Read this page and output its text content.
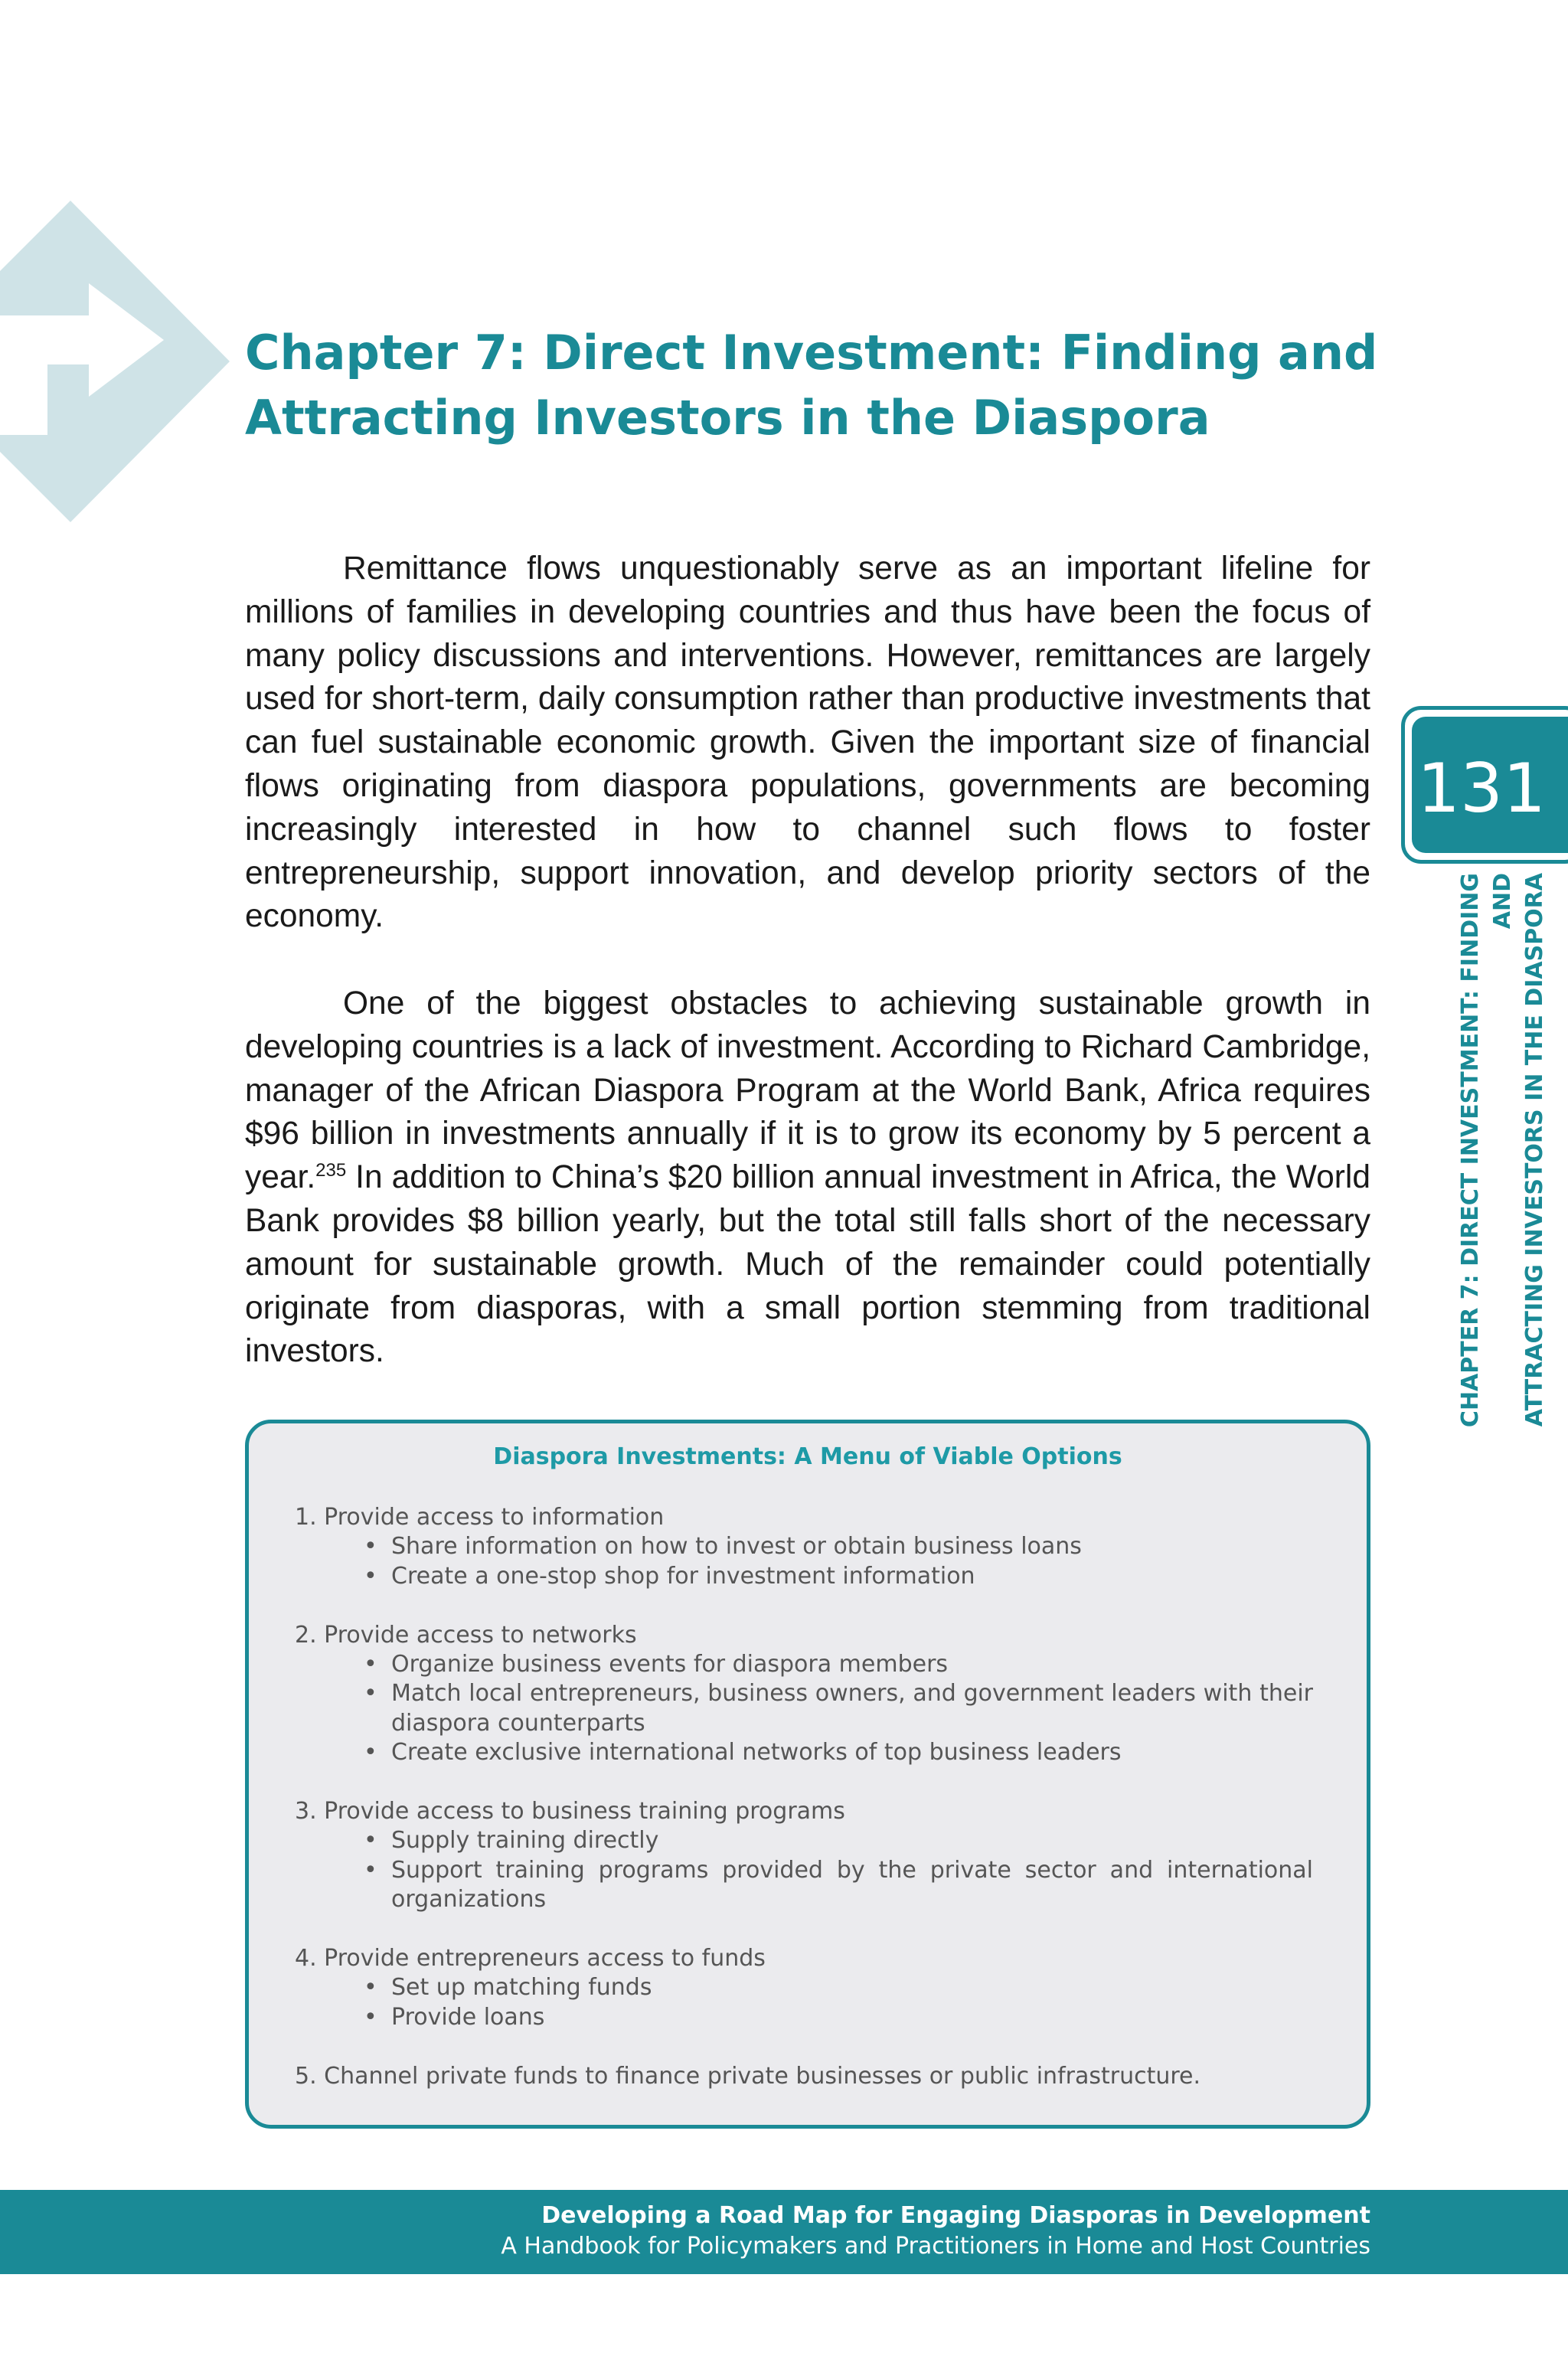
Chapter 7: Direct Investment: Finding and
Attracting Investors in the Diaspora

Remittance flows unquestionably serve as an important lifeline for millions of families in developing countries and thus have been the focus of many policy discussions and interventions. However, remittances are largely used for short-term, daily consumption rather than productive investments that can fuel sustainable economic growth. Given the important size of financial flows originating from diaspora populations, governments are becoming increasingly interested in how to channel such flows to foster entrepreneurship, support innovation, and develop priority sectors of the economy.

One of the biggest obstacles to achieving sustainable growth in developing countries is a lack of investment. According to Richard Cambridge, manager of the African Diaspora Program at the World Bank, Africa requires $96 billion in investments annually if it is to grow its economy by 5 percent a year.$^{235}$ In addition to China’s $20 billion annual investment in Africa, the World Bank provides $8 billion yearly, but the total still falls short of the necessary amount for sustainable growth. Much of the remainder could potentially originate from diasporas, with a small portion stemming from traditional investors.

131
CHAPTER 7: DIRECT INVESTMENT: FINDING AND ATTRACTING INVESTORS IN THE DIASPORA
Diaspora Investments: A Menu of Viable Options
1. Provide access to information
• Share information on how to invest or obtain business loans
• Create a one-stop shop for investment information
2. Provide access to networks
• Organize business events for diaspora members
• Match local entrepreneurs, business owners, and government leaders with their diaspora counterparts
• Create exclusive international networks of top business leaders
3. Provide access to business training programs
• Supply training directly
• Support training programs provided by the private sector and international organizations
4. Provide entrepreneurs access to funds
• Set up matching funds
• Provide loans
5. Channel private funds to finance private businesses or public infrastructure.
Developing a Road Map for Engaging Diasporas in Development
A Handbook for Policymakers and Practitioners in Home and Host Countries
